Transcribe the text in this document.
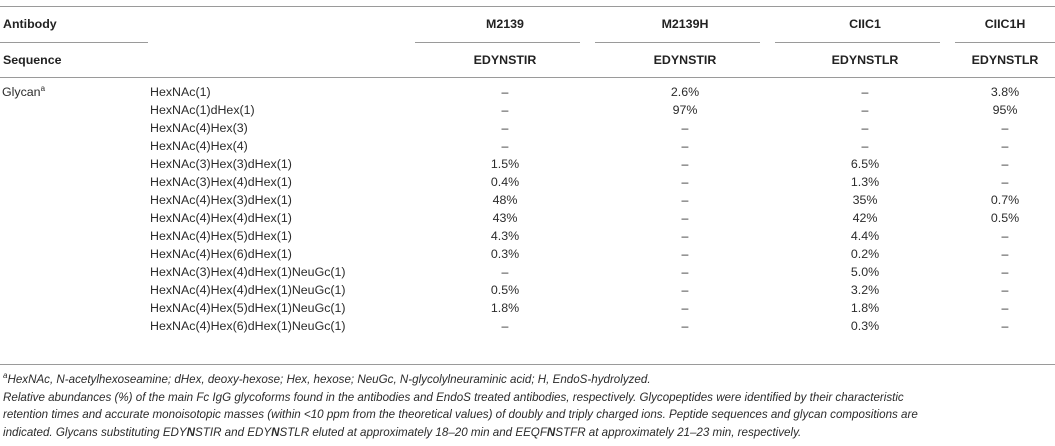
Antibody		M2139	M2139H	CIIC1	CIIC1H
Sequence		EDYNSTIR	EDYNSTIR	EDYNSTLR	EDYNSTLR

Glycan$^a$	HexNAc(1)	–	2.6%	–	3.8%
	HexNAc(1)dHex(1)	–	97%	–	95%
	HexNAc(4)Hex(3)	–	–	–	–
	HexNAc(4)Hex(4)	–	–	–	–
	HexNAc(3)Hex(3)dHex(1)	1.5%	–	6.5%	–
	HexNAc(3)Hex(4)dHex(1)	0.4%	–	1.3%	–
	HexNAc(4)Hex(3)dHex(1)	48%	–	35%	0.7%
	HexNAc(4)Hex(4)dHex(1)	43%	–	42%	0.5%
	HexNAc(4)Hex(5)dHex(1)	4.3%	–	4.4%	–
	HexNAc(4)Hex(6)dHex(1)	0.3%	–	0.2%	–
	HexNAc(3)Hex(4)dHex(1)NeuGc(1)	–	–	5.0%	–
	HexNAc(4)Hex(4)dHex(1)NeuGc(1)	0.5%	–	3.2%	–
	HexNAc(4)Hex(5)dHex(1)NeuGc(1)	1.8%	–	1.8%	–
	HexNAc(4)Hex(6)dHex(1)NeuGc(1)	–	–	0.3%	–

$^a$HexNAc, N-acetylhexoseamine; dHex, deoxy-hexose; Hex, hexose; NeuGc, N-glycolylneuraminic acid; H, EndoS-hydrolyzed.

Relative abundances (%) of the main Fc IgG glycoforms found in the antibodies and EndoS treated antibodies, respectively. Glycopeptides were identified by their characteristic

retention times and accurate monoisotopic masses (within <10 ppm from the theoretical values) of doubly and triply charged ions. Peptide sequences and glycan compositions are

indicated. Glycans substituting EDYNSTIR and EDYNSTLR eluted at approximately 18–20 min and EEQFNSTFR at approximately 21–23 min, respectively.
